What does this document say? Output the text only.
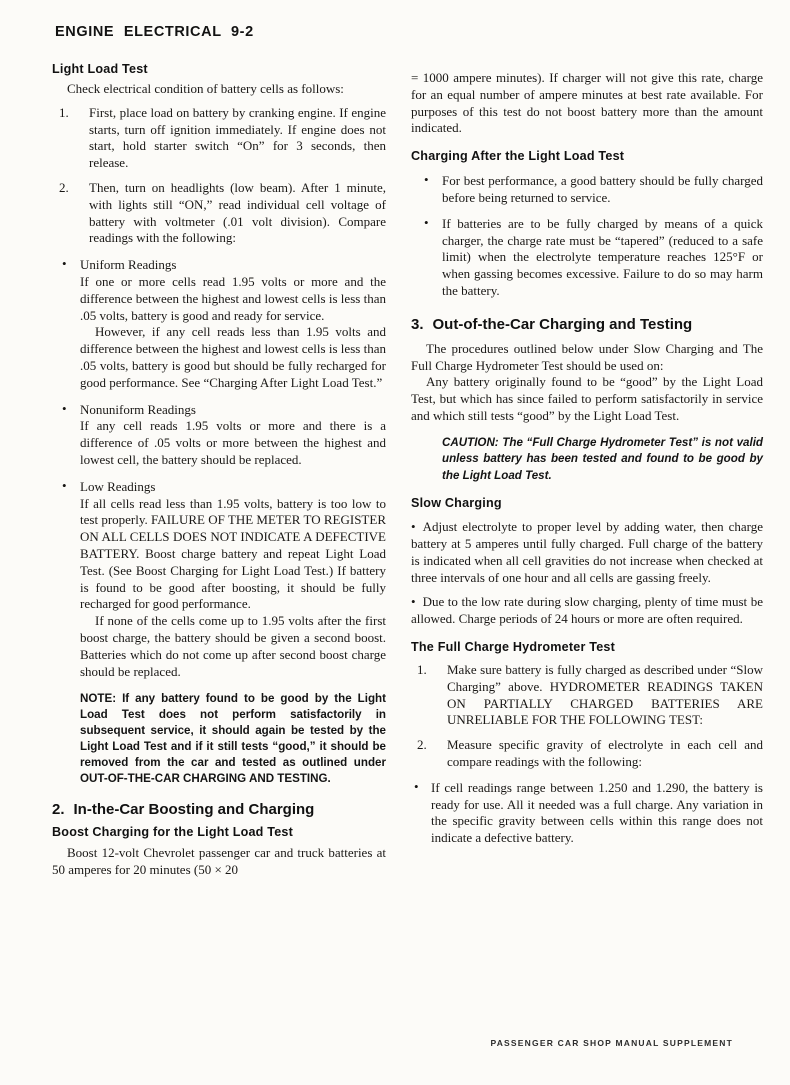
ENGINE ELECTRICAL 9-2
Light Load Test

Check electrical condition of battery cells as follows:

1. First, place load on battery by cranking engine. If engine starts, turn off ignition immediately. If engine does not start, hold starter switch “On” for 3 seconds, then release.

2. Then, turn on headlights (low beam). After 1 minute, with lights still “ON,” read individual cell voltage of battery with voltmeter (.01 volt division). Compare readings with the following:

• Uniform Readings

If one or more cells read 1.95 volts or more and the difference between the highest and lowest cells is less than .05 volts, battery is good and ready for service.

However, if any cell reads less than 1.95 volts and difference between the highest and lowest cells is less than .05 volts, battery is good but should be fully recharged for good performance. See “Charging After Light Load Test.”

• Nonuniform Readings

If any cell reads 1.95 volts or more and there is a difference of .05 volts or more between the highest and lowest cell, the battery should be replaced.

• Low Readings

If all cells read less than 1.95 volts, battery is too low to test properly. FAILURE OF THE METER TO REGISTER ON ALL CELLS DOES NOT INDICATE A DEFECTIVE BATTERY. Boost charge battery and repeat Light Load Test. (See Boost Charging for Light Load Test.) If battery is found to be good after boosting, it should be fully recharged for good performance.

If none of the cells come up to 1.95 volts after the first boost charge, the battery should be given a second boost. Batteries which do not come up after second boost charge should be replaced.

NOTE: If any battery found to be good by the Light Load Test does not perform satisfactorily in subsequent service, it should again be tested by the Light Load Test and if it still tests “good,” it should be removed from the car and tested as outlined under OUT-OF-THE-CAR CHARGING AND TESTING.

2. In-the-Car Boosting and Charging
Boost Charging for the Light Load Test

Boost 12-volt Chevrolet passenger car and truck batteries at 50 amperes for 20 minutes (50 × 20

= 1000 ampere minutes). If charger will not give this rate, charge for an equal number of ampere minutes at best rate available. For purposes of this test do not boost battery more than the amount indicated.

Charging After the Light Load Test
• For best performance, a good battery should be fully charged before being returned to service.

• If batteries are to be fully charged by means of a quick charger, the charge rate must be “tapered” (reduced to a safe limit) when the electrolyte temperature reaches 125°F or when gassing becomes excessive. Failure to do so may harm the battery.

3. Out-of-the-Car Charging and Testing

The procedures outlined below under Slow Charging and The Full Charge Hydrometer Test should be used on:

Any battery originally found to be “good” by the Light Load Test, but which has since failed to perform satisfactorily in service and which still tests “good” by the Light Load Test.

CAUTION: The “Full Charge Hydrometer Test” is not valid unless battery has been tested and found to be good by the Light Load Test.

Slow Charging

• Adjust electrolyte to proper level by adding water, then charge battery at 5 amperes until fully charged. Full charge of the battery is indicated when all cell gravities do not increase when checked at three intervals of one hour and all cells are gassing freely.

• Due to the low rate during slow charging, plenty of time must be allowed. Charge periods of 24 hours or more are often required.

The Full Charge Hydrometer Test
1. Make sure battery is fully charged as described under “Slow Charging” above. HYDROMETER READINGS TAKEN ON PARTIALLY CHARGED BATTERIES ARE UNRELIABLE FOR THE FOLLOWING TEST:

2. Measure specific gravity of electrolyte in each cell and compare readings with the following:

• If cell readings range between 1.250 and 1.290, the battery is ready for use. All it needed was a full charge. Any variation in the specific gravity between cells within this range does not indicate a defective battery.

PASSENGER CAR SHOP MANUAL SUPPLEMENT
